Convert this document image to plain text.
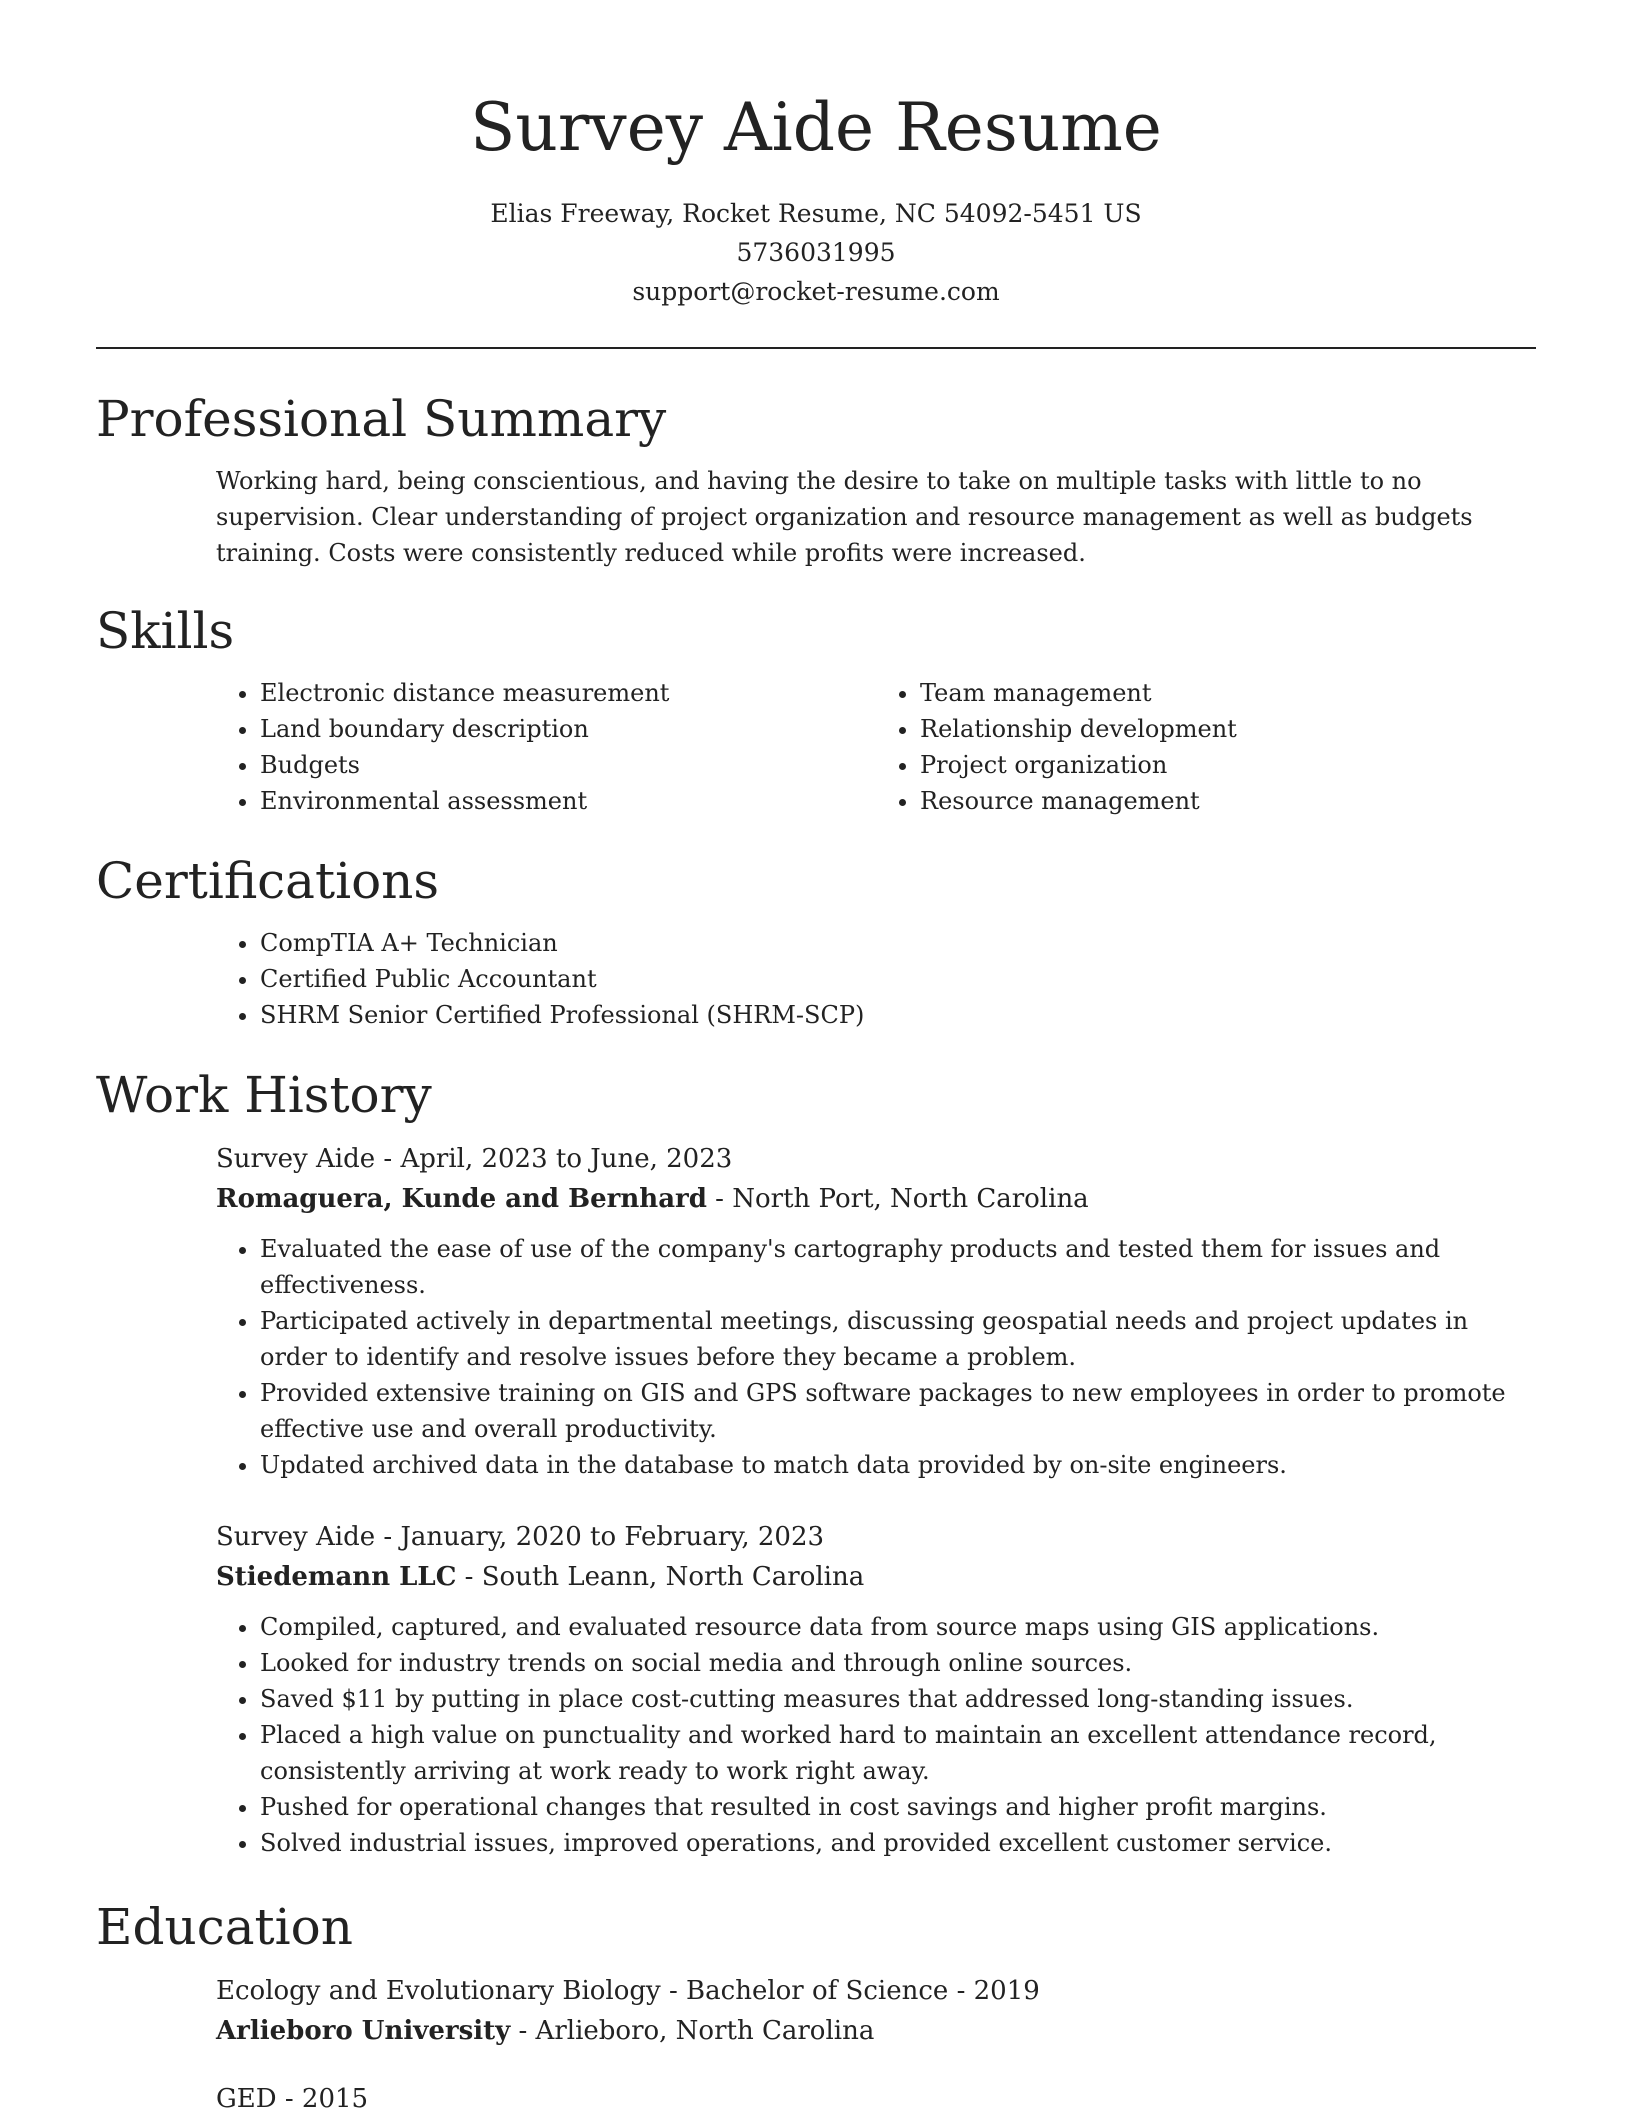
Survey Aide Resume

Elias Freeway, Rocket Resume, NC 54092-5451 US

5736031995

support@rocket-resume.com

Professional Summary

Working hard, being conscientious, and having the desire to take on multiple tasks with little to no supervision. Clear understanding of project organization and resource management as well as budgets training. Costs were consistently reduced while profits were increased.

Skills
• Electronic distance measurement
• Land boundary description
• Budgets
• Environmental assessment
• Team management
• Relationship development
• Project organization
• Resource management
Certifications
• CompTIA A+ Technician
• Certified Public Accountant
• SHRM Senior Certified Professional (SHRM-SCP)
Work History

Survey Aide - April, 2023 to June, 2023

Romaguera, Kunde and Bernhard - North Port, North Carolina

• Evaluated the ease of use of the company's cartography products and tested them for issues and effectiveness.
• Participated actively in departmental meetings, discussing geospatial needs and project updates in order to identify and resolve issues before they became a problem.
• Provided extensive training on GIS and GPS software packages to new employees in order to promote effective use and overall productivity.
• Updated archived data in the database to match data provided by on-site engineers.

Survey Aide - January, 2020 to February, 2023

Stiedemann LLC - South Leann, North Carolina

• Compiled, captured, and evaluated resource data from source maps using GIS applications.
• Looked for industry trends on social media and through online sources.
• Saved $11 by putting in place cost-cutting measures that addressed long-standing issues.
• Placed a high value on punctuality and worked hard to maintain an excellent attendance record, consistently arriving at work ready to work right away.
• Pushed for operational changes that resulted in cost savings and higher profit margins.
• Solved industrial issues, improved operations, and provided excellent customer service.
Education

Ecology and Evolutionary Biology - Bachelor of Science - 2019

Arlieboro University - Arlieboro, North Carolina

GED - 2015
